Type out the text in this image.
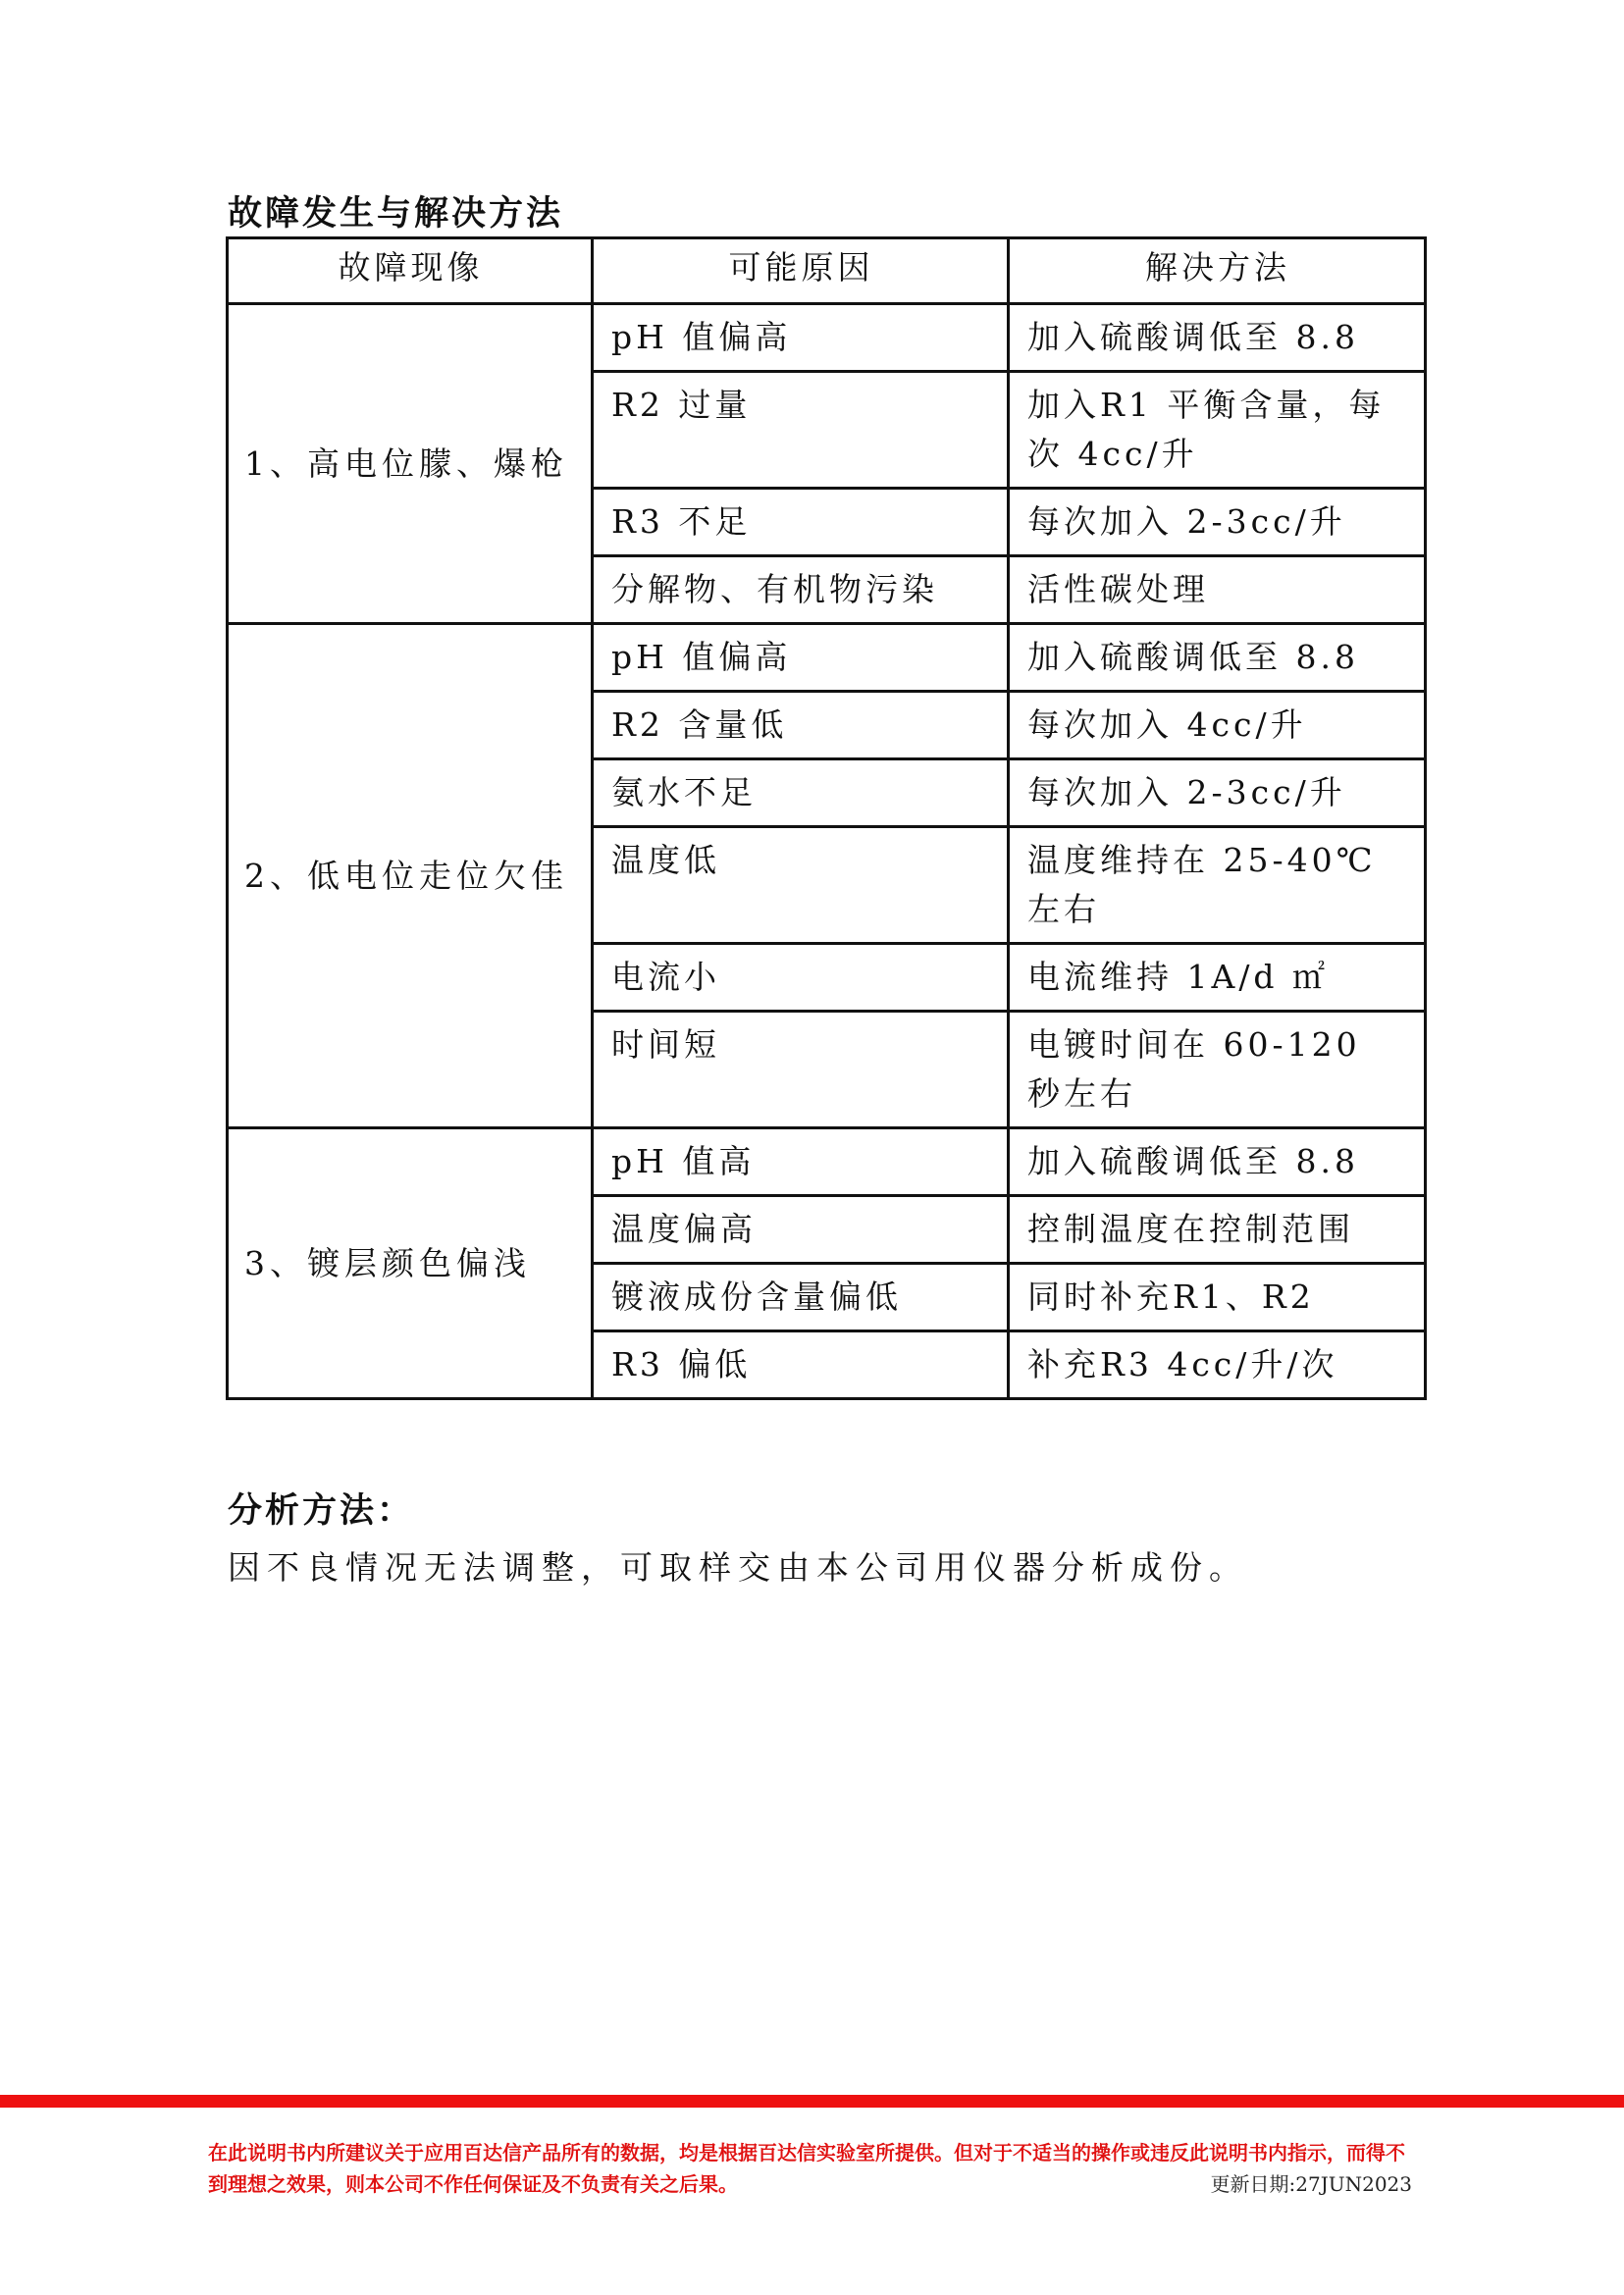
故障发生与解决方法
故障现像	可能原因	解决方法
1、高电位朦、爆枪	pH 值偏高	加入硫酸调低至 8.8
	R2 过量	加入R1 平衡含量，每次 4cc/升
	R3 不足	每次加入 2-3cc/升
	分解物、有机物污染	活性碳处理
2、低电位走位欠佳	pH 值偏高	加入硫酸调低至 8.8
	R2 含量低	每次加入 4cc/升
	氨水不足	每次加入 2-3cc/升
	温度低	温度维持在 25-40℃左右
	电流小	电流维持 1A/d ㎡
	时间短	电镀时间在 60-120 秒左右
3、镀层颜色偏浅	pH 值高	加入硫酸调低至 8.8
	温度偏高	控制温度在控制范围
	镀液成份含量偏低	同时补充R1、R2
	R3 偏低	补充R3 4cc/升/次
分析方法：

因不良情况无法调整，可取样交由本公司用仪器分析成份。

在此说明书内所建议关于应用百达信产品所有的数据，均是根据百达信实验室所提供。但对于不适当的操作或违反此说明书内指示，而得不到理想之效果，则本公司不作任何保证及不负责有关之后果。	更新日期:27JUN2023
